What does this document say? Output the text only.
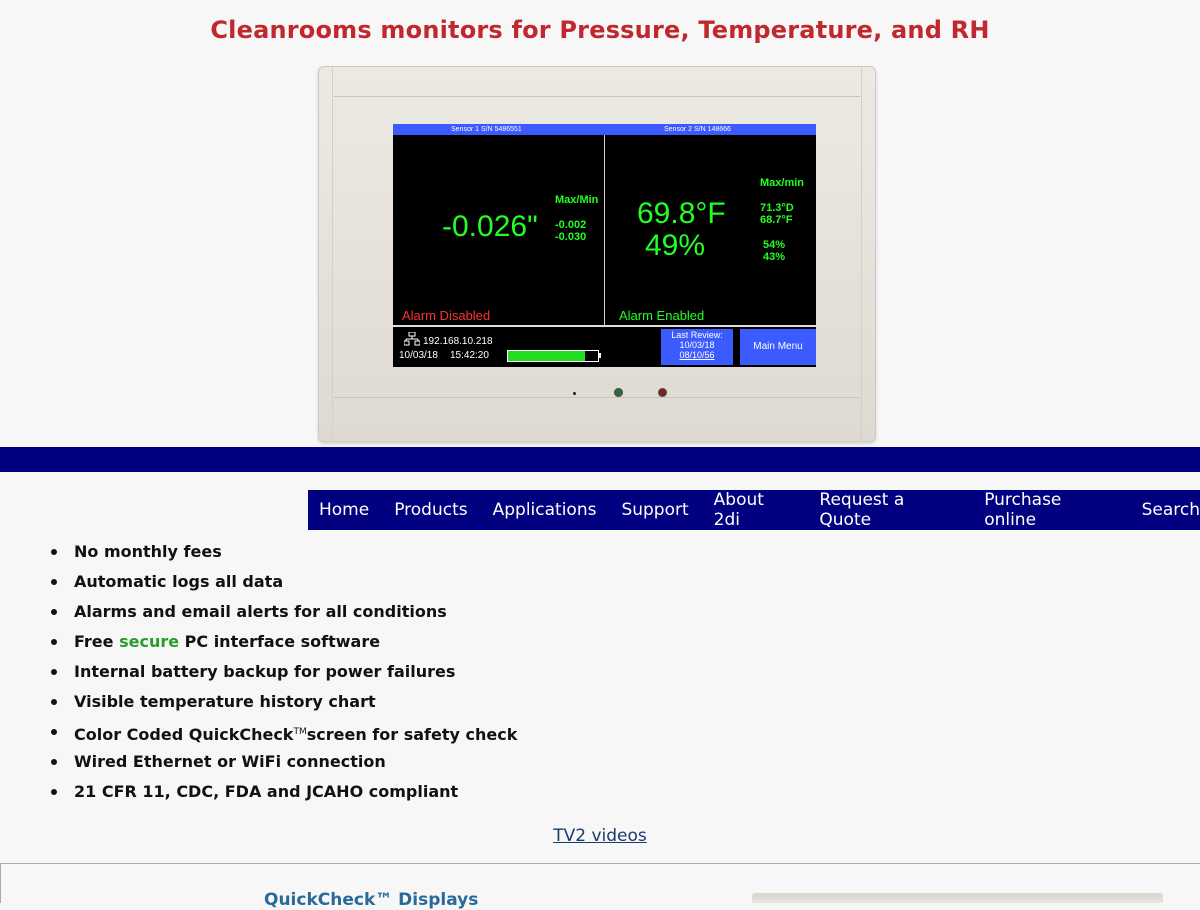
Cleanrooms monitors for Pressure, Temperature, and RH
Sensor 1 S/N 5486551	Sensor 2 S/N 148666
-0.026"
Max/Min
-0.002
-0.030
Alarm Disabled
69.8°F
49%
Max/min
71.3°D
68.7°F
54%
43%
Alarm Enabled
192.168.10.218
10/03/18 15:42:20
Last Review:
10/03/18
08/10/56
Main Menu
Home Products Applications Support About 2di
Request a Quote
Purchase online	Search
No monthly fees
Automatic logs all data
Alarms and email alerts for all conditions
Free secure PC interface software
Internal battery backup for power failures
Visible temperature history chart
Color Coded QuickCheck™screen for safety check
Wired Ethernet or WiFi connection
21 CFR 11, CDC, FDA and JCAHO compliant
TV2 videos
QuickCheck™ Displays
